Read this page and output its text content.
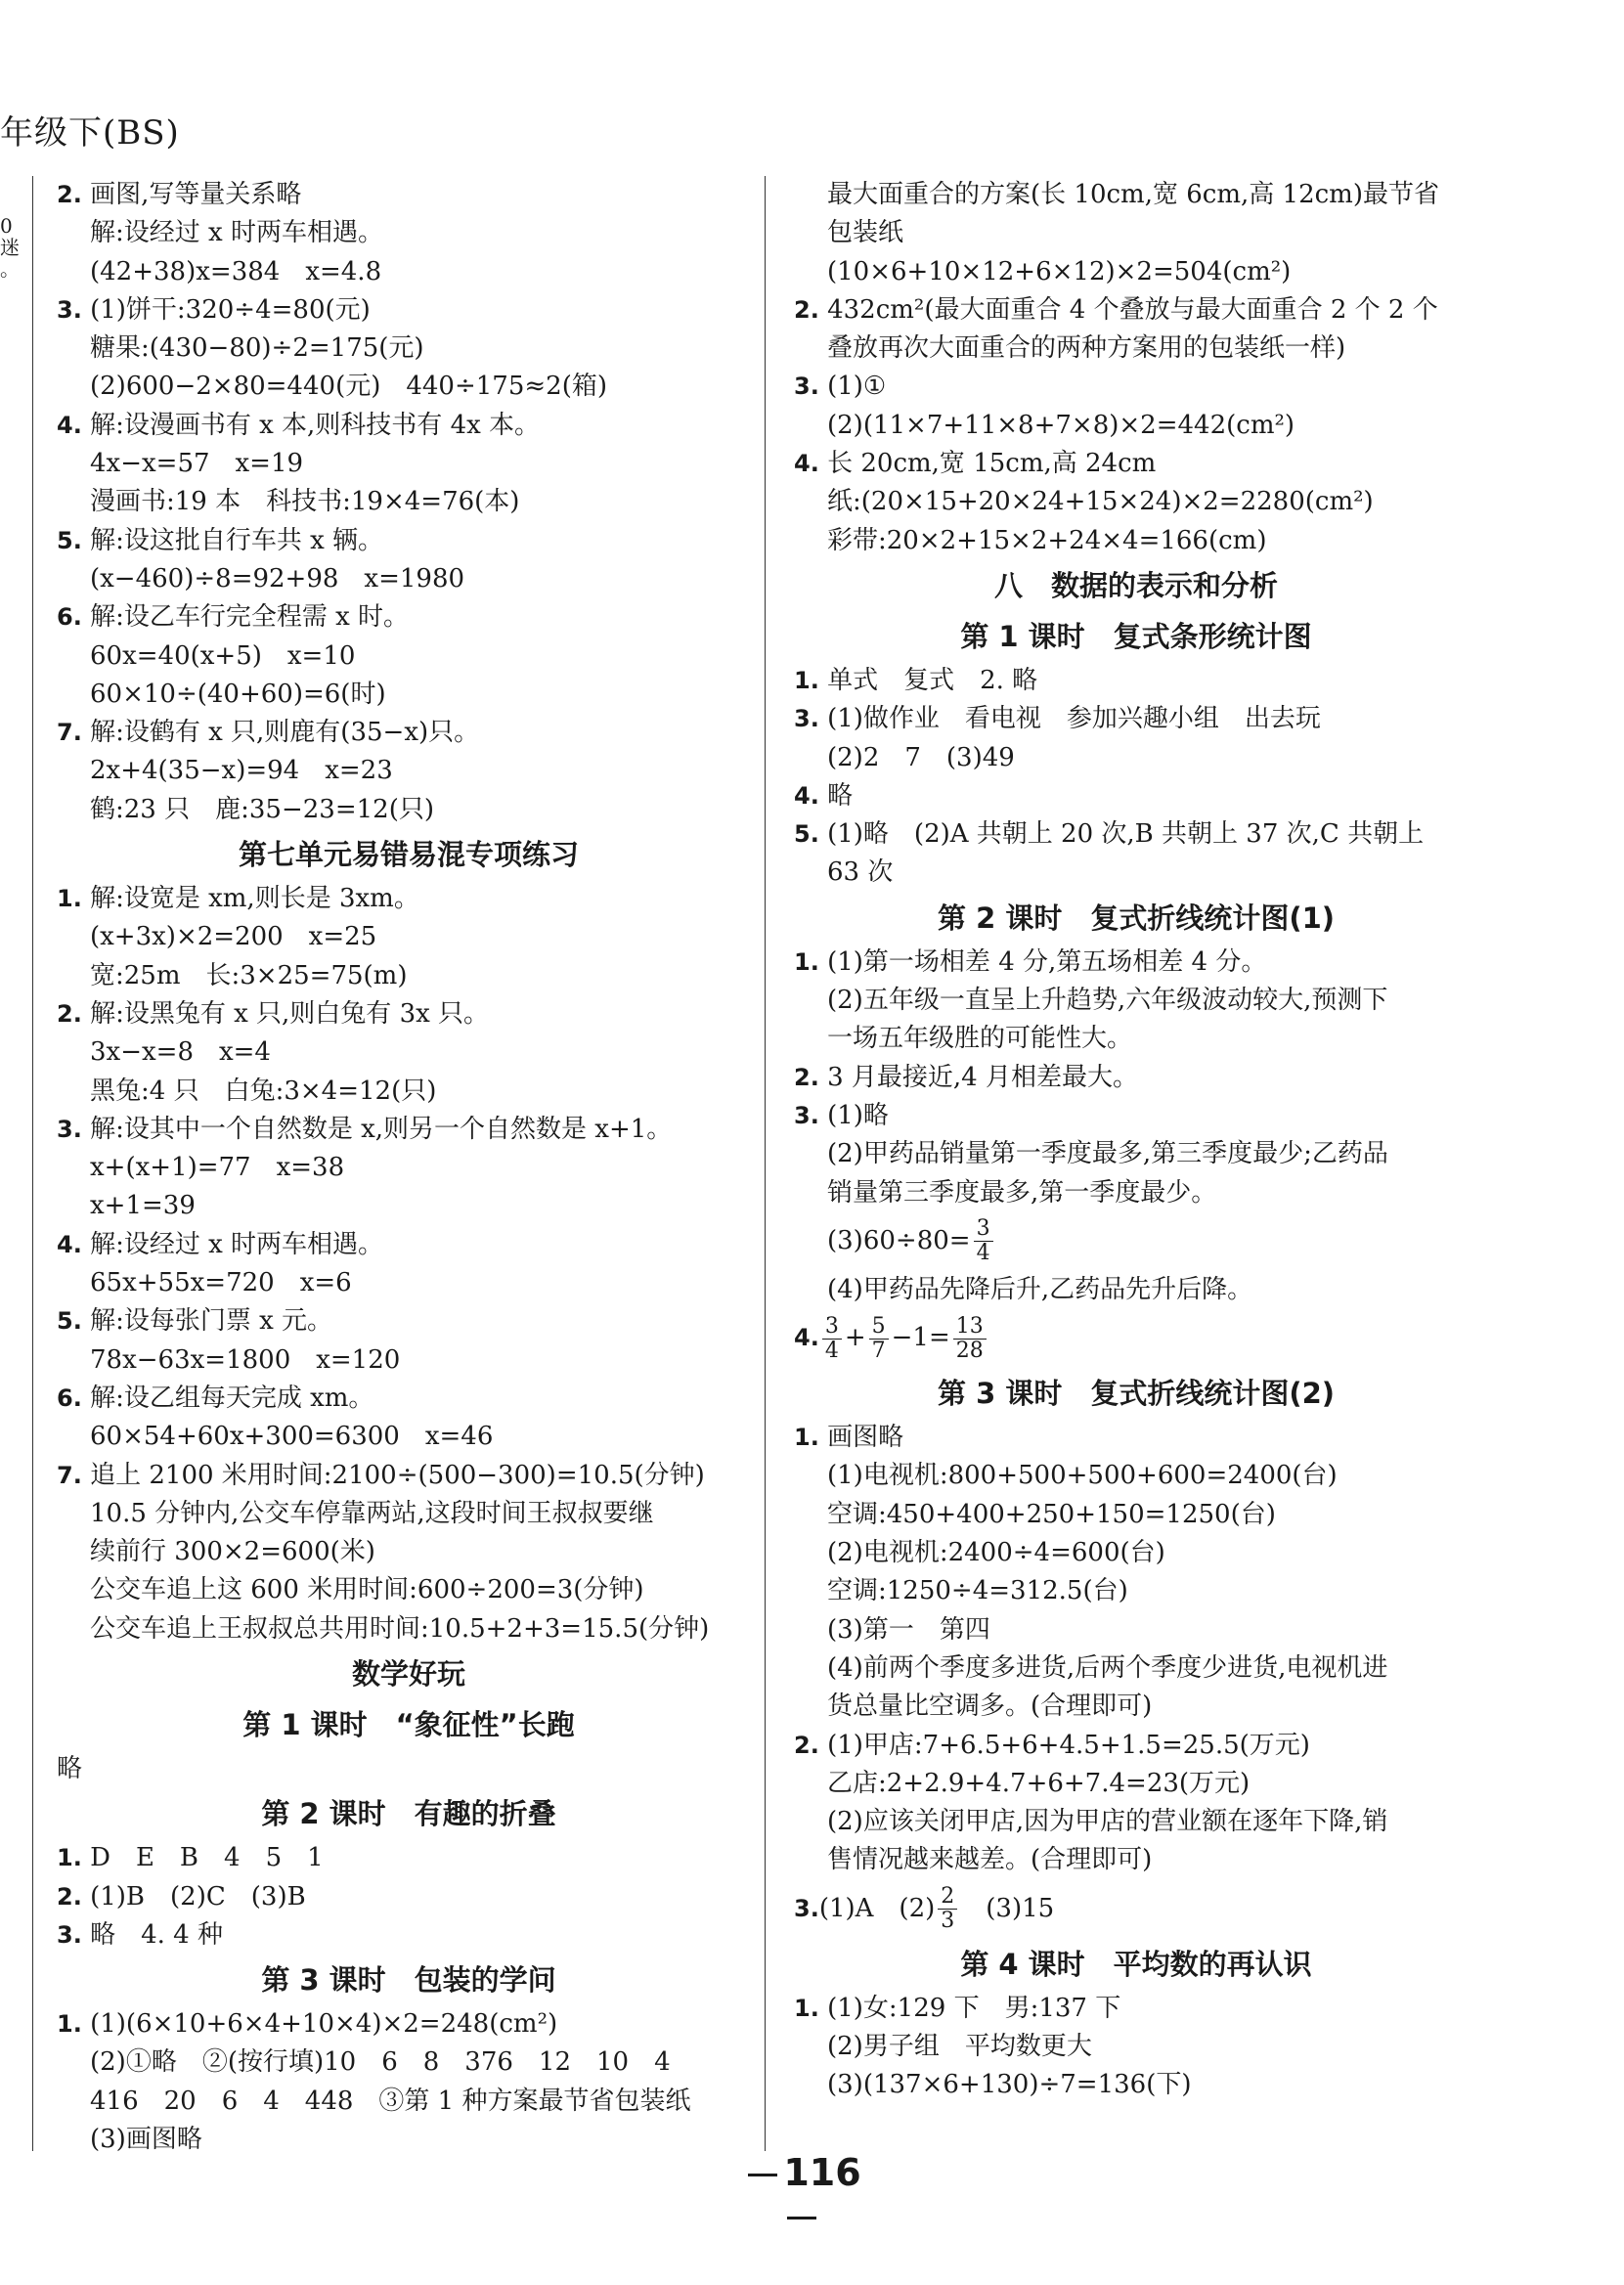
年级下(BS)
0
迷
。
2. 画图,写等量关系略
解:设经过 x 时两车相遇。
(42+38)x=384　x=4.8
3. (1)饼干:320÷4=80(元)
糖果:(430−80)÷2=175(元)
(2)600−2×80=440(元)　440÷175≈2(箱)
4. 解:设漫画书有 x 本,则科技书有 4x 本。
4x−x=57　x=19
漫画书:19 本　科技书:19×4=76(本)
5. 解:设这批自行车共 x 辆。
(x−460)÷8=92+98　x=1980
6. 解:设乙车行完全程需 x 时。
60x=40(x+5)　x=10
60×10÷(40+60)=6(时)
7. 解:设鹤有 x 只,则鹿有(35−x)只。
2x+4(35−x)=94　x=23
鹤:23 只　鹿:35−23=12(只)
第七单元易错易混专项练习
1. 解:设宽是 xm,则长是 3xm。
(x+3x)×2=200　x=25
宽:25m　长:3×25=75(m)
2. 解:设黑兔有 x 只,则白兔有 3x 只。
3x−x=8　x=4
黑兔:4 只　白兔:3×4=12(只)
3. 解:设其中一个自然数是 x,则另一个自然数是 x+1。
x+(x+1)=77　x=38
x+1=39
4. 解:设经过 x 时两车相遇。
65x+55x=720　x=6
5. 解:设每张门票 x 元。
78x−63x=1800　x=120
6. 解:设乙组每天完成 xm。
60×54+60x+300=6300　x=46
7. 追上 2100 米用时间:2100÷(500−300)=10.5(分钟)
10.5 分钟内,公交车停靠两站,这段时间王叔叔要继
续前行 300×2=600(米)
公交车追上这 600 米用时间:600÷200=3(分钟)
公交车追上王叔叔总共用时间:10.5+2+3=15.5(分钟)
数学好玩
第 1 课时　“象征性”长跑
略
第 2 课时　有趣的折叠
1. D　E　B　4　5　1
2. (1)B　(2)C　(3)B
3. 略　4. 4 种
第 3 课时　包装的学问
1. (1)(6×10+6×4+10×4)×2=248(cm²)
(2)①略　②(按行填)10　6　8　376　12　10　4
416　20　6　4　448　③第 1 种方案最节省包装纸
(3)画图略
最大面重合的方案(长 10cm,宽 6cm,高 12cm)最节省
包装纸
(10×6+10×12+6×12)×2=504(cm²)
2. 432cm²(最大面重合 4 个叠放与最大面重合 2 个 2 个
叠放再次大面重合的两种方案用的包装纸一样)
3. (1)①
(2)(11×7+11×8+7×8)×2=442(cm²)
4. 长 20cm,宽 15cm,高 24cm
纸:(20×15+20×24+15×24)×2=2280(cm²)
彩带:20×2+15×2+24×4=166(cm)
八　数据的表示和分析
第 1 课时　复式条形统计图
1. 单式　复式　2. 略
3. (1)做作业　看电视　参加兴趣小组　出去玩
(2)2　7　(3)49
4. 略
5. (1)略　(2)A 共朝上 20 次,B 共朝上 37 次,C 共朝上
63 次
第 2 课时　复式折线统计图(1)
1. (1)第一场相差 4 分,第五场相差 4 分。
(2)五年级一直呈上升趋势,六年级波动较大,预测下
一场五年级胜的可能性大。
2. 3 月最接近,4 月相差最大。
3. (1)略
(2)甲药品销量第一季度最多,第三季度最少;乙药品
销量第三季度最多,第一季度最少。
$(3)60\div 80= \frac{3}{4}$
(4)甲药品先降后升,乙药品先升后降。
4. $\frac{3}{4} + \frac{5}{7} -1= \frac{13}{28}$
第 3 课时　复式折线统计图(2)
1. 画图略
(1)电视机:800+500+500+600=2400(台)
空调:450+400+250+150=1250(台)
(2)电视机:2400÷4=600(台)
空调:1250÷4=312.5(台)
(3)第一　第四
(4)前两个季度多进货,后两个季度少进货,电视机进
货总量比空调多。(合理即可)
2. (1)甲店:7+6.5+6+4.5+1.5=25.5(万元)
乙店:2+2.9+4.7+6+7.4=23(万元)
(2)应该关闭甲店,因为甲店的营业额在逐年下降,销
售情况越来越差。(合理即可)
3. (1)A　$(2) \frac{2}{3}$ 　(3)15
第 4 课时　平均数的再认识
1. (1)女:129 下　男:137 下
(2)男子组　平均数更大
(3)(137×6+130)÷7=136(下)
116
